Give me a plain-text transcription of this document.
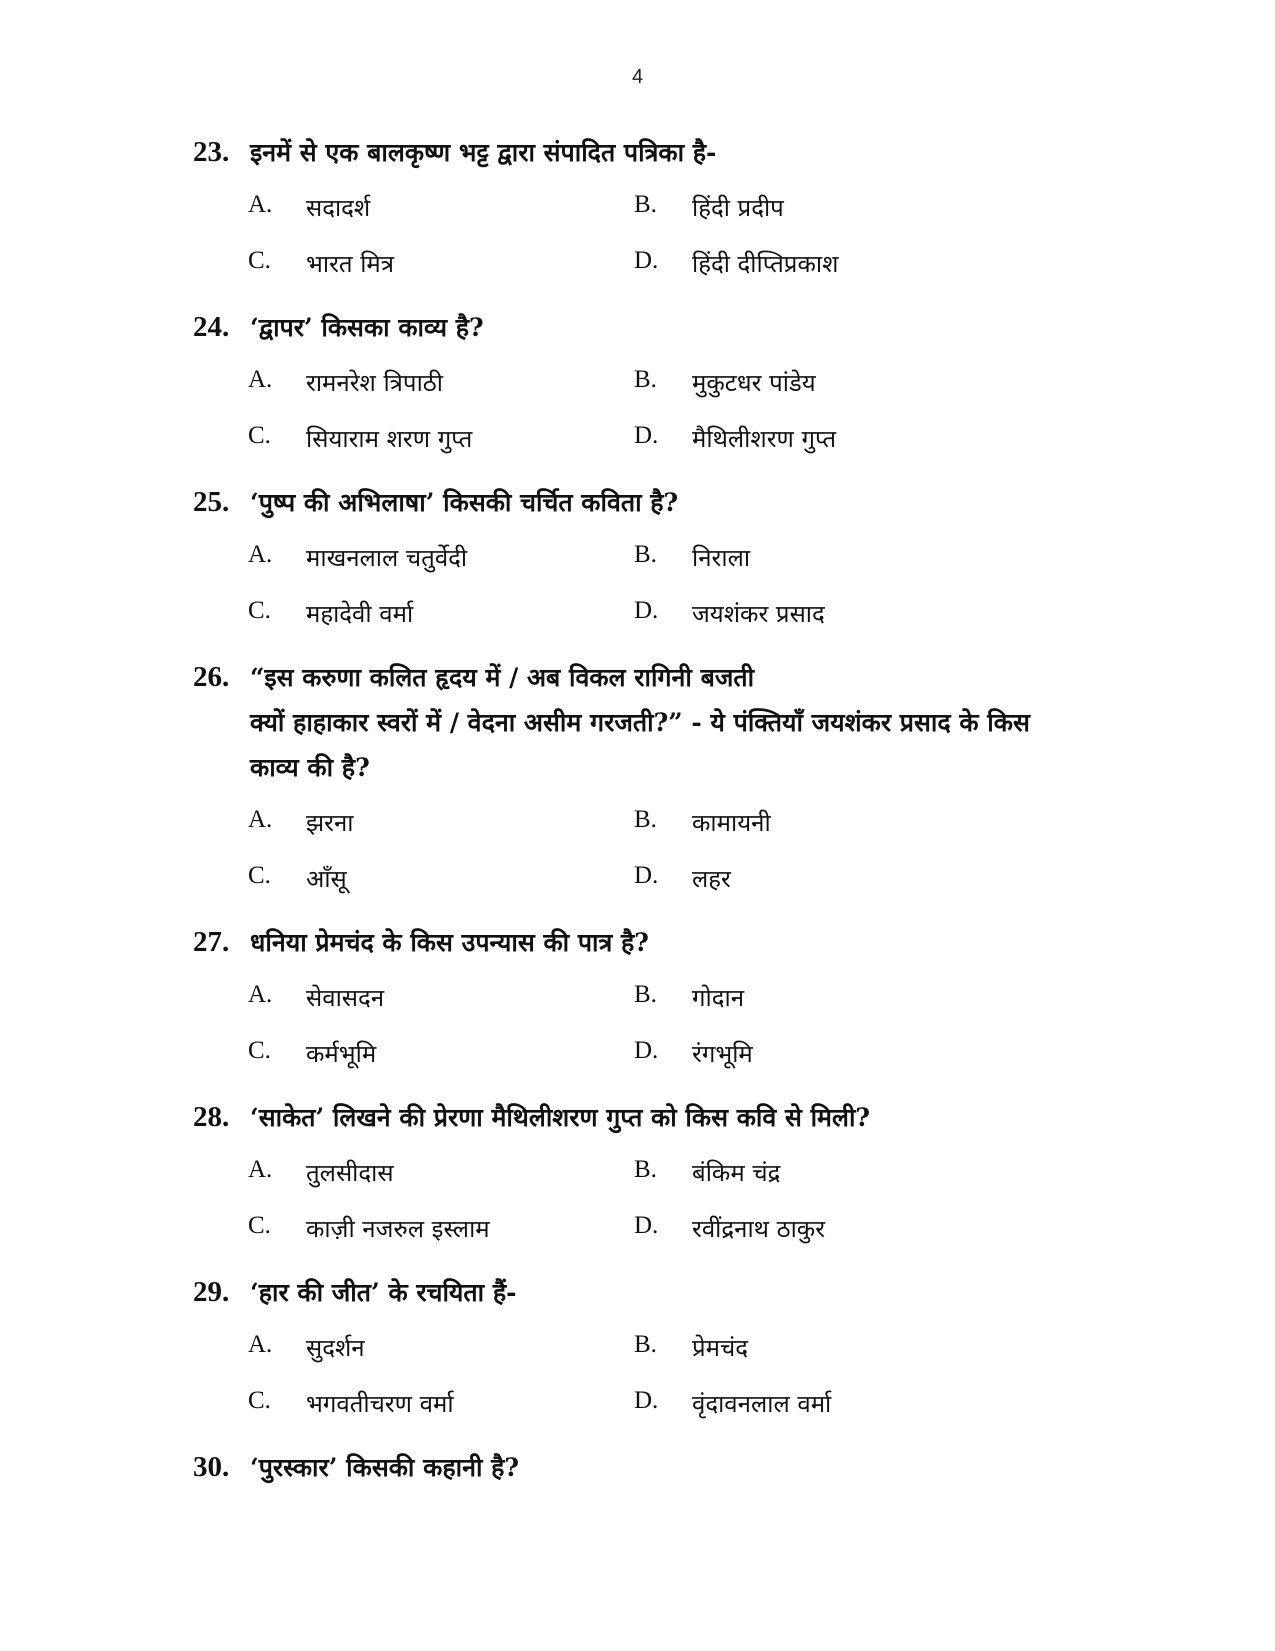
4
23. इनमें से एक बालकृष्ण भट्ट द्वारा संपादित पत्रिका है-
A. सदादर्श	B. हिंदी प्रदीप
C. भारत मित्र	D. हिंदी दीप्तिप्रकाश
24. ‘द्वापर’ किसका काव्य है?
A. रामनरेश त्रिपाठी	B. मुकुटधर पांडेय
C. सियाराम शरण गुप्त	D. मैथिलीशरण गुप्त
25. ‘पुष्प की अभिलाषा’ किसकी चर्चित कविता है?
A. माखनलाल चतुर्वेदी	B. निराला
C. महादेवी वर्मा	D. जयशंकर प्रसाद
26. “इस करुणा कलित हृदय में / अब विकल रागिनी बजती
क्यों हाहाकार स्वरों में / वेदना असीम गरजती?” - ये पंक्तियाँ जयशंकर प्रसाद के किस
काव्य की है?
A. झरना	B. कामायनी
C. आँसू	D. लहर
27. धनिया प्रेमचंद के किस उपन्यास की पात्र है?
A. सेवासदन	B. गोदान
C. कर्मभूमि	D. रंगभूमि
28. ‘साकेत’ लिखने की प्रेरणा मैथिलीशरण गुप्त को किस कवि से मिली?
A. तुलसीदास	B. बंकिम चंद्र
C. काज़ी नजरुल इस्लाम	D. रवींद्रनाथ ठाकुर
29. ‘हार की जीत’ के रचयिता हैं-
A. सुदर्शन	B. प्रेमचंद
C. भगवतीचरण वर्मा	D. वृंदावनलाल वर्मा
30. ‘पुरस्कार’ किसकी कहानी है?
